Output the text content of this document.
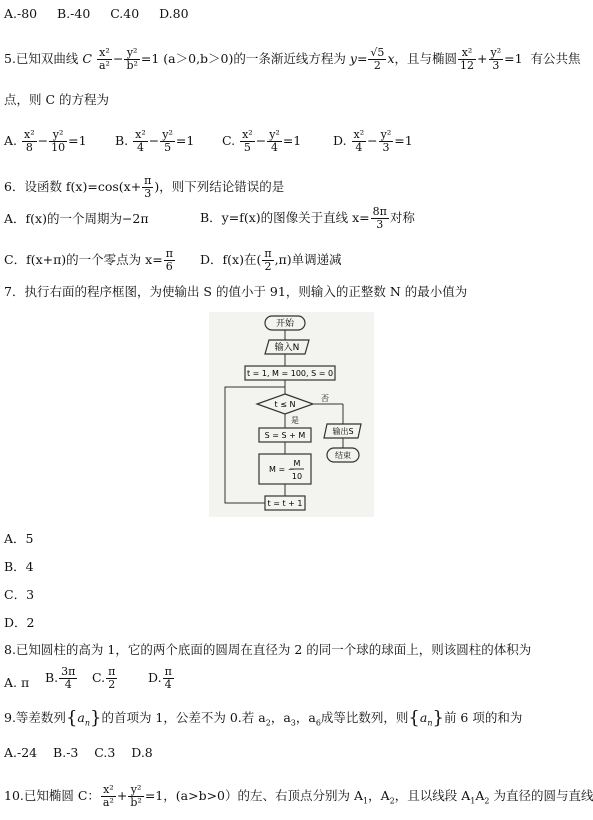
A.-80 B.-40 C.40 D.80
5.已知双曲线 C $\frac{\text{x²}}{\text{a²}} - \frac{\text{y²}}{\text{b²}} =1$ (a＞0,b＞0)的一条渐近线方程为 $y= \frac{√5}{2}$ x，且与椭圆 $\frac{\text{x²}}{12} + \frac{\text{y²}}{3} =1$  有公共焦
点，则 C 的方程为
A. $\frac{\text{x²}}{8} - \frac{\text{y²}}{10} =1$ B. $\frac{\text{x²}}{4} - \frac{\text{y²}}{5} =1$ C. $\frac{\text{x²}}{5} - \frac{\text{y²}}{4} =1$	D. $\frac{\text{x²}}{4} - \frac{\text{y²}}{3} =1$
6．设函数 $f(x)=\cos(x+ \frac{\pi}{3}$ )，则下列结论错误的是
A．f(x)的一个周期为−2π	B．y=f(x)的图像关于直线 $x= \frac{8\pi}{3}$ 对称
C．f(x+π)的一个零点为 $x= \frac{\pi}{6}$ D．f(x)在( $\frac{\pi}{2} ,\pi$)单调递减
7．执行右面的程序框图，为使输出 S 的值小于 91，则输入的正整数 N 的最小值为
开始
输入N
t = 1, M = 100, S = 0
t ≤ N
否
是
S = S + M	输出S
结束
M = −
M
10
t = t + 1
A．5
B．4
C．3
D．2
8.已知圆柱的高为 1，它的两个底面的圆周在直径为 2 的同一个球的球面上，则该圆柱的体积为
A. π B. $\frac{3\pi}{4} C$. $\frac{\pi}{2} D$. $\frac{\pi}{4}$
9.等差数列$\{a_n\}$的首项为 1，公差不为 0.若 $a_2$，$a_3$，$a_6$成等比数列，则$\{a_n\}$前 6 项的和为
A.-24 B.-3 C.3 D.8
10.已知椭圆 C： $\frac{\text{x²}}{\text{a²}} + \frac{\text{y²}}{\text{b²}} =1$，(a>b>0）的左、右顶点分别为 $A_1$，$A_2$，且以线段 $A_1A_2$ 为直径的圆与直线
